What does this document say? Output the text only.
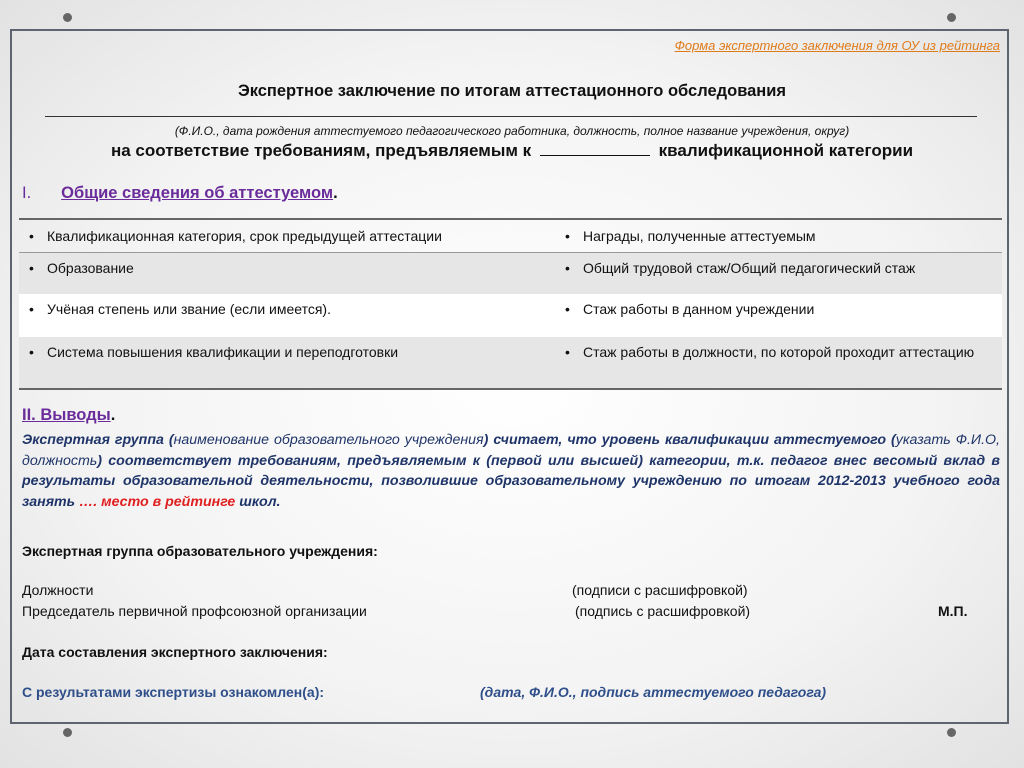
Форма экспертного заключения для ОУ из рейтинга
Экспертное заключение по итогам аттестационного обследования
(Ф.И.О., дата рождения аттестуемого педагогического работника, должность, полное название учреждения, округ)
на соответствие требованиям, предъявляемым к	квалификационной категории
I. Общие сведения об аттестуемом.
• Квалификационная категория, срок предыдущей аттестации	• Награды, полученные аттестуемым

• Образование	• Общий трудовой стаж/Общий педагогический стаж

• Учёная степень или звание (если имеется).	• Стаж работы в данном учреждении

• Система повышения квалификации и переподготовки	• Стаж работы в должности, по которой проходит аттестацию
II. Выводы.
Экспертная группа (наименование образовательного учреждения) считает, что уровень квалификации аттестуемого (указать Ф.И.О, должность) соответствует требованиям, предъявляемым к (первой или высшей) категории, т.к. педагог внес весомый вклад в результаты образовательной деятельности, позволившие образовательному учреждению по итогам 2012-2013 учебного года занять …. место в рейтинге школ.
Экспертная группа образовательного учреждения:
Должности	(подписи с расшифровкой)
Председатель первичной профсоюзной организации	(подпись с расшифровкой)	М.П.
Дата составления экспертного заключения:
С результатами экспертизы ознакомлен(а):	(дата, Ф.И.О., подпись аттестуемого педагога)
